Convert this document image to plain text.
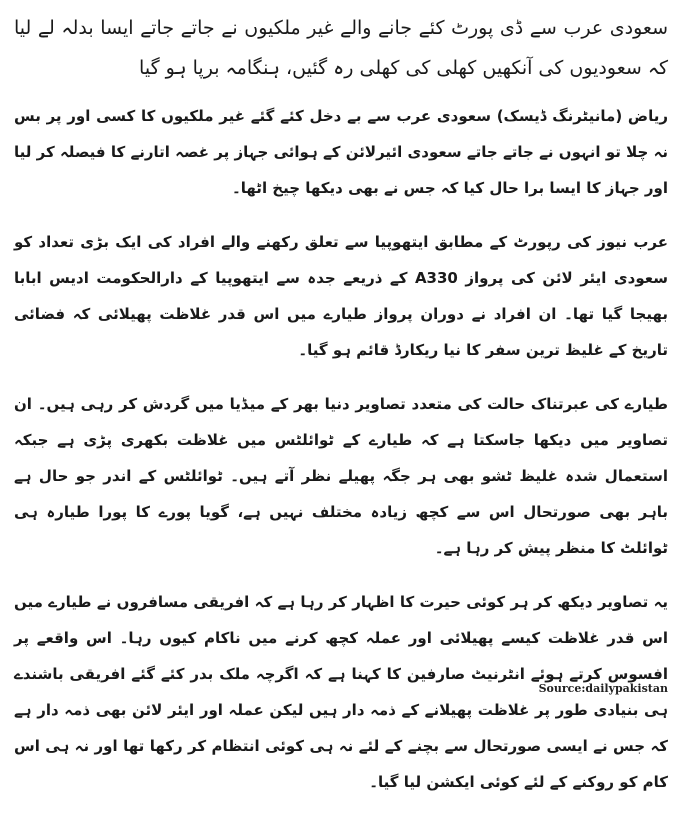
سعودی عرب سے ڈی پورٹ کئے جانے والے غیر ملکیوں نے جاتے جاتے ایسا بدلہ لے لیا کہ سعودیوں کی آنکھیں کھلی کی کھلی رہ گئیں، ہنگامہ برپا ہو گیا

ریاض (مانیٹرنگ ڈیسک) سعودی عرب سے بے دخل کئے گئے غیر ملکیوں کا کسی اور پر بس نہ چلا تو انہوں نے جاتے جاتے سعودی ائیرلائن کے ہوائی جہاز پر غصہ اتارنے کا فیصلہ کر لیا اور جہاز کا ایسا برا حال کیا کہ جس نے بھی دیکھا چیخ اٹھا۔

عرب نیوز کی رپورٹ کے مطابق ایتھوپیا سے تعلق رکھنے والے افراد کی ایک بڑی تعداد کو سعودی ایئر لائن کی پرواز A330 کے ذریعے جدہ سے ایتھوپیا کے دارالحکومت ادیس ابابا بھیجا گیا تھا۔ ان افراد نے دوران پرواز طیارے میں اس قدر غلاظت پھیلائی کہ فضائی تاریخ کے غلیظ ترین سفر کا نیا ریکارڈ قائم ہو گیا۔

طیارے کی عبرتناک حالت کی متعدد تصاویر دنیا بھر کے میڈیا میں گردش کر رہی ہیں۔ ان تصاویر میں دیکھا جاسکتا ہے کہ طیارے کے ٹوائلٹس میں غلاظت بکھری پڑی ہے جبکہ استعمال شدہ غلیظ ٹشو بھی ہر جگہ پھیلے نظر آتے ہیں۔ ٹوائلٹس کے اندر جو حال ہے باہر بھی صورتحال اس سے کچھ زیادہ مختلف نہیں ہے، گویا پورے کا پورا طیارہ ہی ٹوائلٹ کا منظر پیش کر رہا ہے۔

یہ تصاویر دیکھ کر ہر کوئی حیرت کا اظہار کر رہا ہے کہ افریقی مسافروں نے طیارے میں اس قدر غلاظت کیسے پھیلائی اور عملہ کچھ کرنے میں ناکام کیوں رہا۔ اس واقعے پر افسوس کرتے ہوئے انٹرنیٹ صارفین کا کہنا ہے کہ اگرچہ ملک بدر کئے گئے افریقی باشندے ہی بنیادی طور پر غلاظت پھیلانے کے ذمہ دار ہیں لیکن عملہ اور ایئر لائن بھی ذمہ دار ہے کہ جس نے ایسی صورتحال سے بچنے کے لئے نہ ہی کوئی انتظام کر رکھا تھا اور نہ ہی اس کام کو روکنے کے لئے کوئی ایکشن لیا گیا۔

Source:dailypakistan
